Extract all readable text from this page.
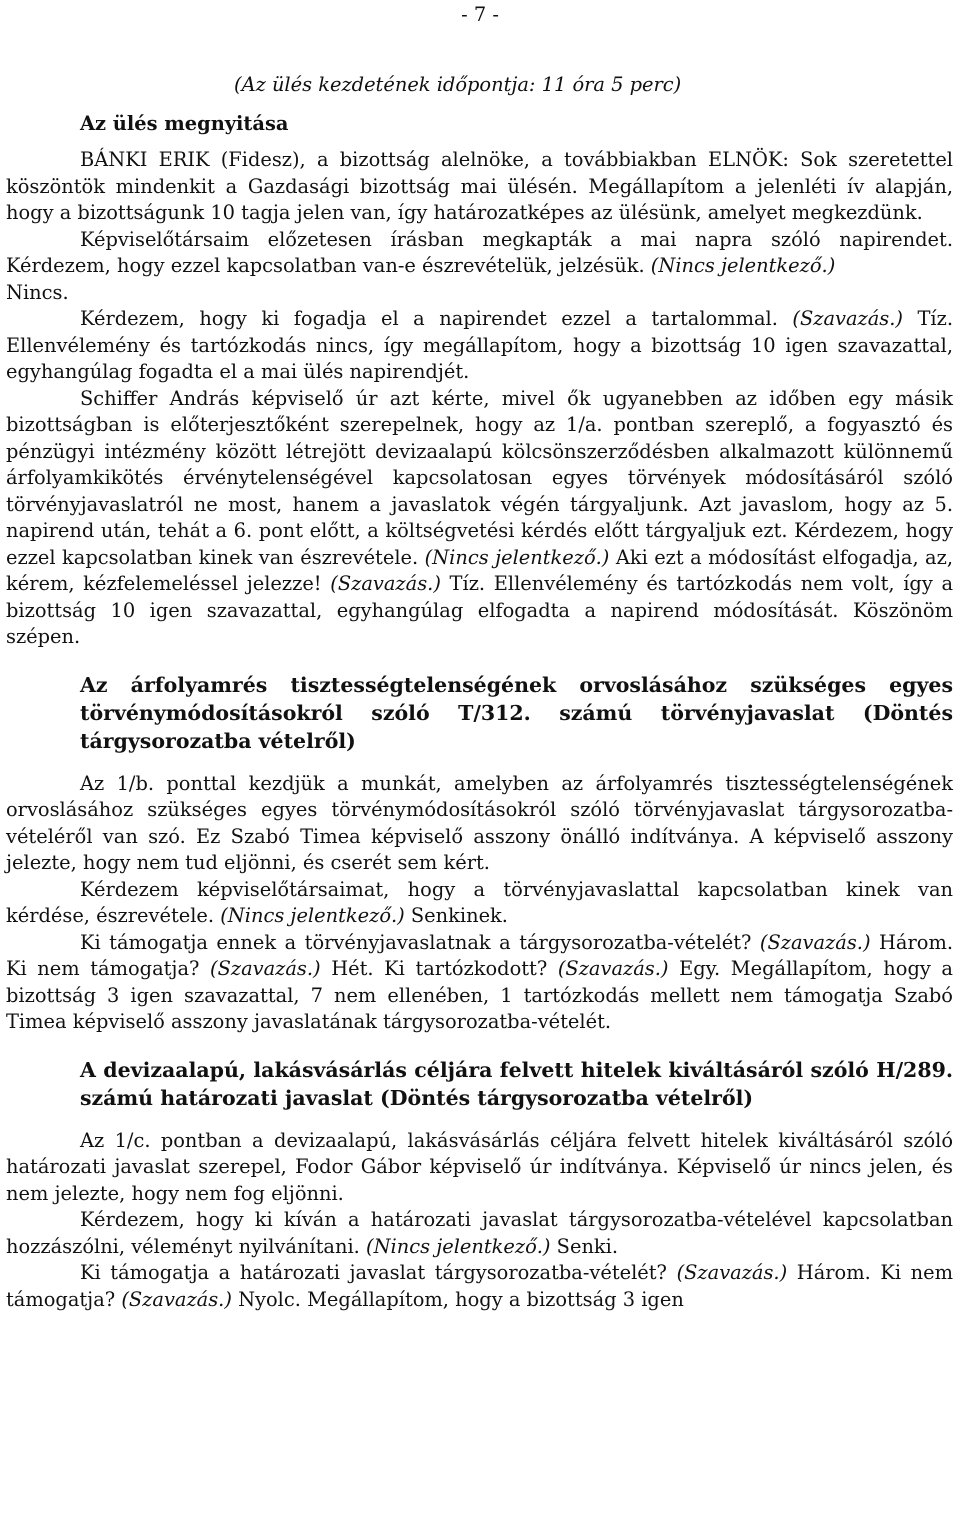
- 7 -
(Az ülés kezdetének időpontja: 11 óra 5 perc)
Az ülés megnyitása

BÁNKI ERIK (Fidesz), a bizottság alelnöke, a továbbiakban ELNÖK: Sok szeretettel köszöntök mindenkit a Gazdasági bizottság mai ülésén. Megállapítom a jelenléti ív alapján, hogy a bizottságunk 10 tagja jelen van, így határozatképes az ülésünk, amelyet megkezdünk.

Képviselőtársaim előzetesen írásban megkapták a mai napra szóló napirendet. Kérdezem, hogy ezzel kapcsolatban van-e észrevételük, jelzésük. (Nincs jelentkező.)

Nincs.

Kérdezem, hogy ki fogadja el a napirendet ezzel a tartalommal. (Szavazás.) Tíz. Ellenvélemény és tartózkodás nincs, így megállapítom, hogy a bizottság 10 igen szavazattal, egyhangúlag fogadta el a mai ülés napirendjét.

Schiffer András képviselő úr azt kérte, mivel ők ugyanebben az időben egy másik bizottságban is előterjesztőként szerepelnek, hogy az 1/a. pontban szereplő, a fogyasztó és pénzügyi intézmény között létrejött devizaalapú kölcsönszerződésben alkalmazott különnemű árfolyamkikötés érvénytelenségével kapcsolatosan egyes törvények módosításáról szóló törvényjavaslatról ne most, hanem a javaslatok végén tárgyaljunk. Azt javaslom, hogy az 5. napirend után, tehát a 6. pont előtt, a költségvetési kérdés előtt tárgyaljuk ezt. Kérdezem, hogy ezzel kapcsolatban kinek van észrevétele. (Nincs jelentkező.) Aki ezt a módosítást elfogadja, az, kérem, kézfelemeléssel jelezze! (Szavazás.) Tíz. Ellenvélemény és tartózkodás nem volt, így a bizottság 10 igen szavazattal, egyhangúlag elfogadta a napirend módosítását. Köszönöm szépen.

Az árfolyamrés tisztességtelenségének orvoslásához szükséges egyes törvénymódosításokról szóló T/312. számú törvényjavaslat (Döntés tárgysorozatba vételről)

Az 1/b. ponttal kezdjük a munkát, amelyben az árfolyamrés tisztességtelenségének orvoslásához szükséges egyes törvénymódosításokról szóló törvényjavaslat tárgysorozatba-vételéről van szó. Ez Szabó Timea képviselő asszony önálló indítványa. A képviselő asszony jelezte, hogy nem tud eljönni, és cserét sem kért.

Kérdezem képviselőtársaimat, hogy a törvényjavaslattal kapcsolatban kinek van kérdése, észrevétele. (Nincs jelentkező.) Senkinek.

Ki támogatja ennek a törvényjavaslatnak a tárgysorozatba-vételét? (Szavazás.) Három. Ki nem támogatja? (Szavazás.) Hét. Ki tartózkodott? (Szavazás.) Egy. Megállapítom, hogy a bizottság 3 igen szavazattal, 7 nem ellenében, 1 tartózkodás mellett nem támogatja Szabó Timea képviselő asszony javaslatának tárgysorozatba-vételét.

A devizaalapú, lakásvásárlás céljára felvett hitelek kiváltásáról szóló H/289. számú határozati javaslat (Döntés tárgysorozatba vételről)

Az 1/c. pontban a devizaalapú, lakásvásárlás céljára felvett hitelek kiváltásáról szóló határozati javaslat szerepel, Fodor Gábor képviselő úr indítványa. Képviselő úr nincs jelen, és nem jelezte, hogy nem fog eljönni.

Kérdezem, hogy ki kíván a határozati javaslat tárgysorozatba-vételével kapcsolatban hozzászólni, véleményt nyilvánítani. (Nincs jelentkező.) Senki.

Ki támogatja a határozati javaslat tárgysorozatba-vételét? (Szavazás.) Három. Ki nem támogatja? (Szavazás.) Nyolc. Megállapítom, hogy a bizottság 3 igen
